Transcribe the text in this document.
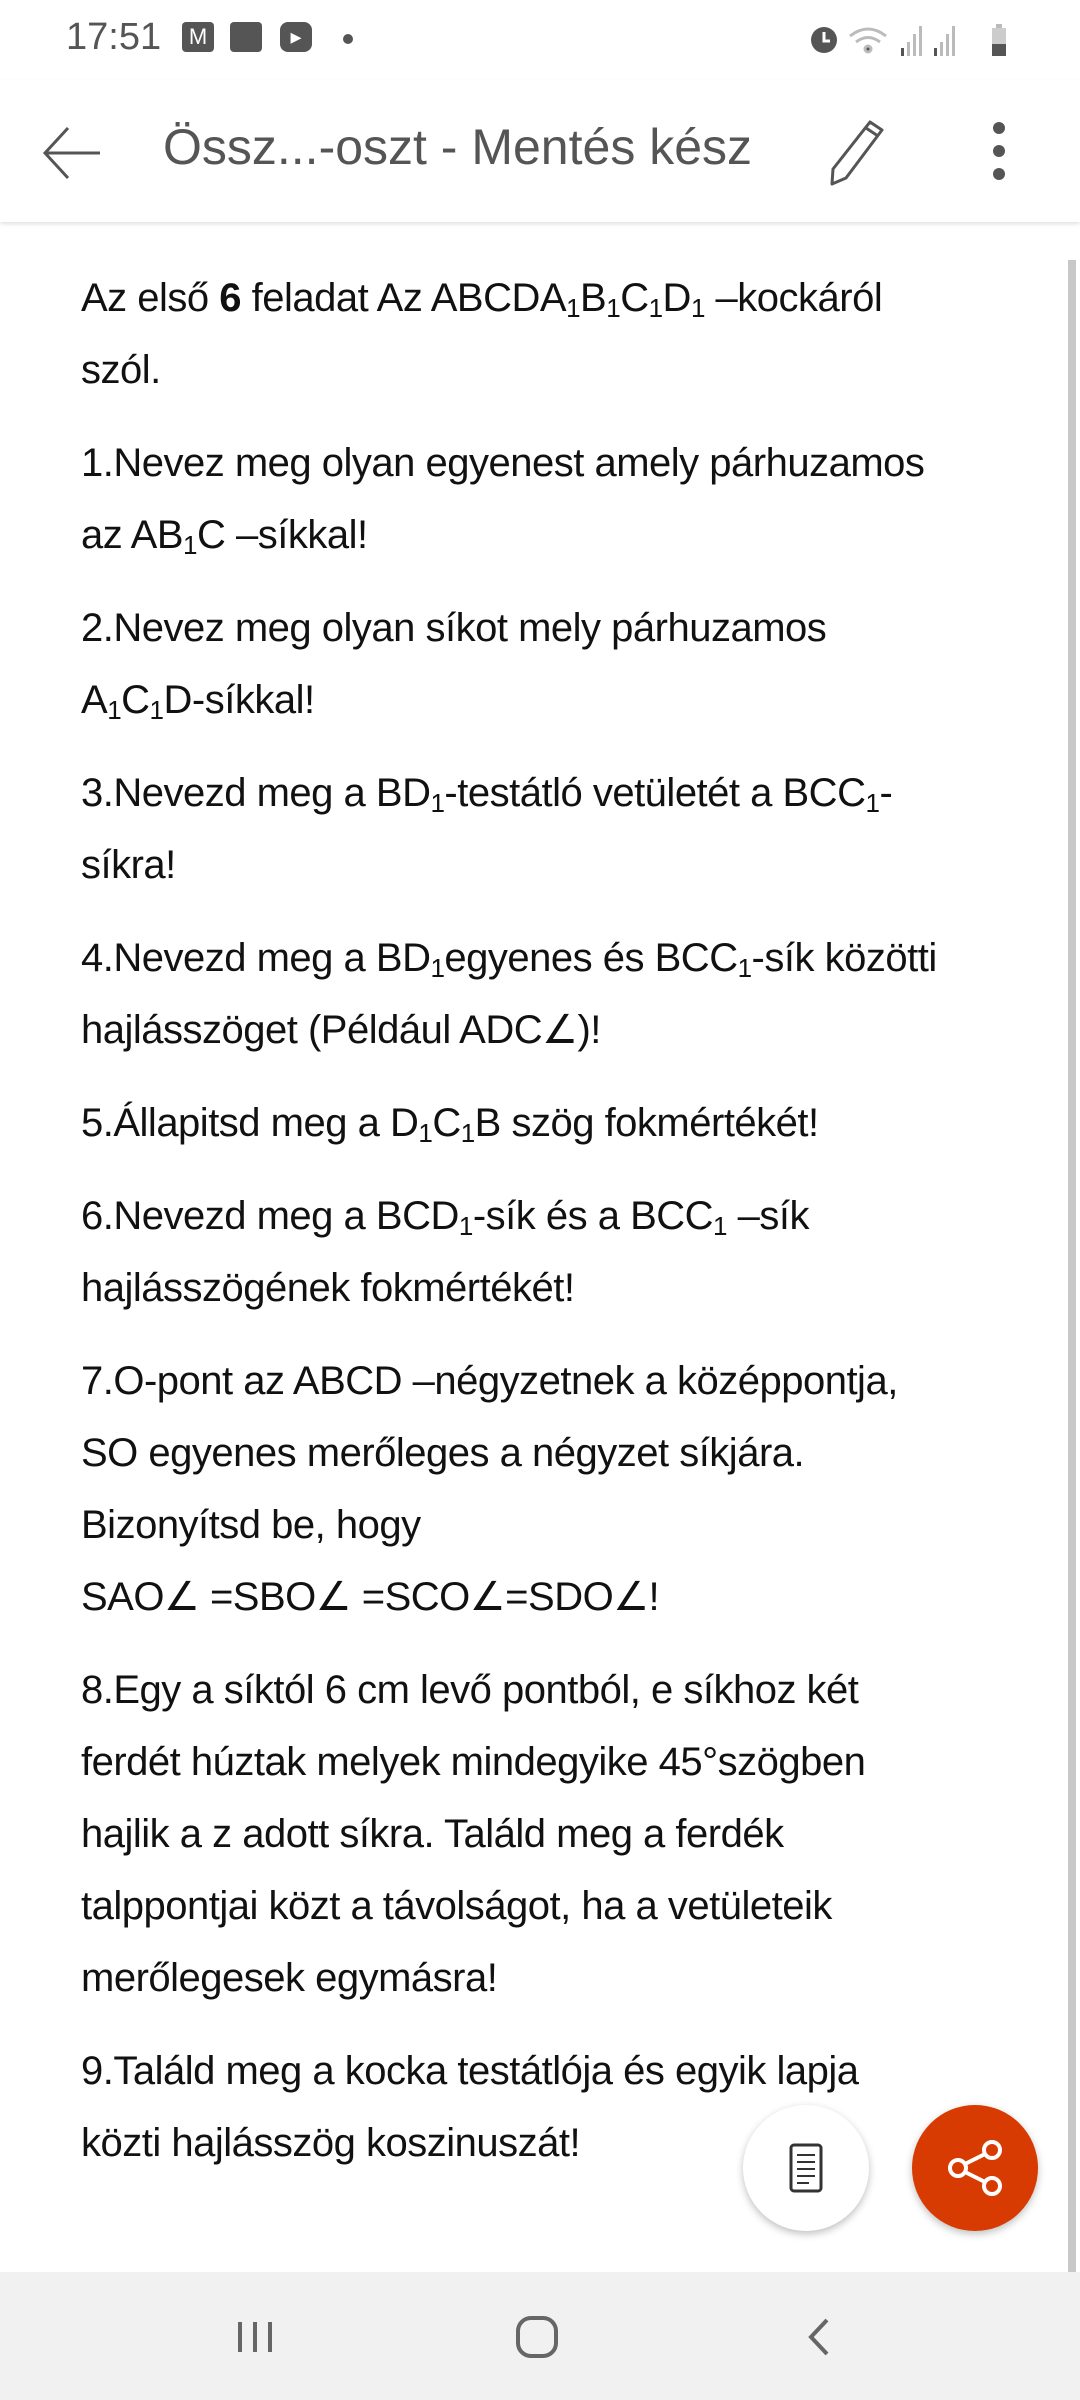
17:51	M	▸
Össz...-oszt - Mentés kész
Az első 6 feladat Az $ABCDA_1B_1C_1D_1$ –kockáról
szól.
1.Nevez meg olyan egyenest amely párhuzamos
az $AB_1C$ –síkkal!
2.Nevez meg olyan síkot mely párhuzamos
$A_1C_1D$-síkkal!
3.Nevezd meg a $BD_1$-testátló vetületét a $BCC_1-$
síkra!
4.Nevezd meg a $BD_1egyenes$ és $BCC_1$-sík közötti
hajlásszöget (Például ADC∠)!
5.Állapitsd meg a $D_1C_1B$ szög fokmértékét!
6.Nevezd meg a $BCD_1$-sík és a $BCC_1$ –sík
hajlásszögének fokmértékét!
7.O-pont az ABCD –négyzetnek a középpontja,
SO egyenes merőleges a négyzet síkjára.
Bizonyítsd be, hogy
SAO∠ =SBO∠ =SCO∠=SDO∠!
8.Egy a síktól 6 cm levő pontból, e síkhoz két
ferdét húztak melyek mindegyike 45°szögben
hajlik a z adott síkra. Találd meg a ferdék
talppontjai közt a távolságot, ha a vetületeik
merőlegesek egymásra!
9.Találd meg a kocka testátlója és egyik lapja
közti hajlásszög koszinuszát!
